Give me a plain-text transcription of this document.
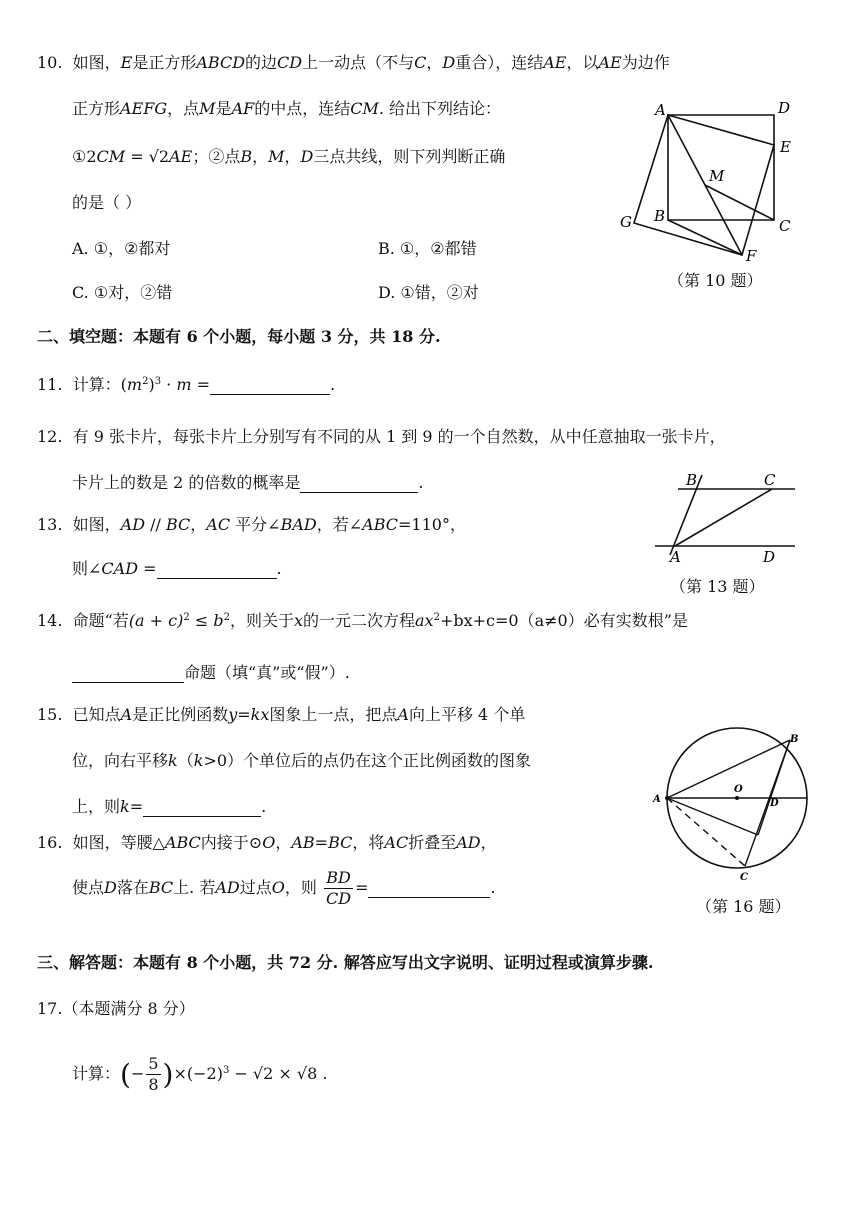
10. 如图，E是正方形ABCD的边CD上一动点（不与C，D重合），连结AE，以AE为边作
正方形AEFG，点M是AF的中点，连结CM. 给出下列结论：
①2CM = √2AE；②点B，M，D三点共线，则下列判断正确
的是（ ）
A. ①，②都对	B. ①，②都错
C. ①对，②错	D. ①错，②对
A	D
E
M
B
C
G
F
（第 10 题）
二、填空题：本题有 6 个小题，每小题 3 分，共 18 分.
11. 计算：$(m^2)^3 \cdot m$ =	.
12. 有 9 张卡片，每张卡片上分别写有不同的从 1 到 9 的一个自然数，从中任意抽取一张卡片，
卡片上的数是 2 的倍数的概率是	.
13. 如图，AD // BC，AC 平分∠BAD，若∠ABC=110°，
则∠CAD =	.
B	C
A	D
（第 13 题）
14. 命题“若$(a + c)^2 \le b^2$，则关于x的一元二次方程$ax^2+bx+c=0(a\ne 0)$必有实数根”是
命题（填“真”或“假”）.
15. 已知点A是正比例函数y=kx图象上一点，把点A向上平移 4 个单
位，向右平移k（k>0）个单位后的点仍在这个正比例函数的图象
上，则k=	.
16. 如图，等腰△ABC内接于⊙O，AB=BC，将AC折叠至AD，
使点D落在BC上. 若AD过点O，则 $\frac{BD}{CD}$ =	.
A
B
O
D
C
（第 16 题）
三、解答题：本题有 8 个小题，共 72 分. 解答应写出文字说明、证明过程或演算步骤.
17.（本题满分 8 分）
计算：(− $\frac{5}{8} )\times(-2)^3 - √2 \times √8$ .
